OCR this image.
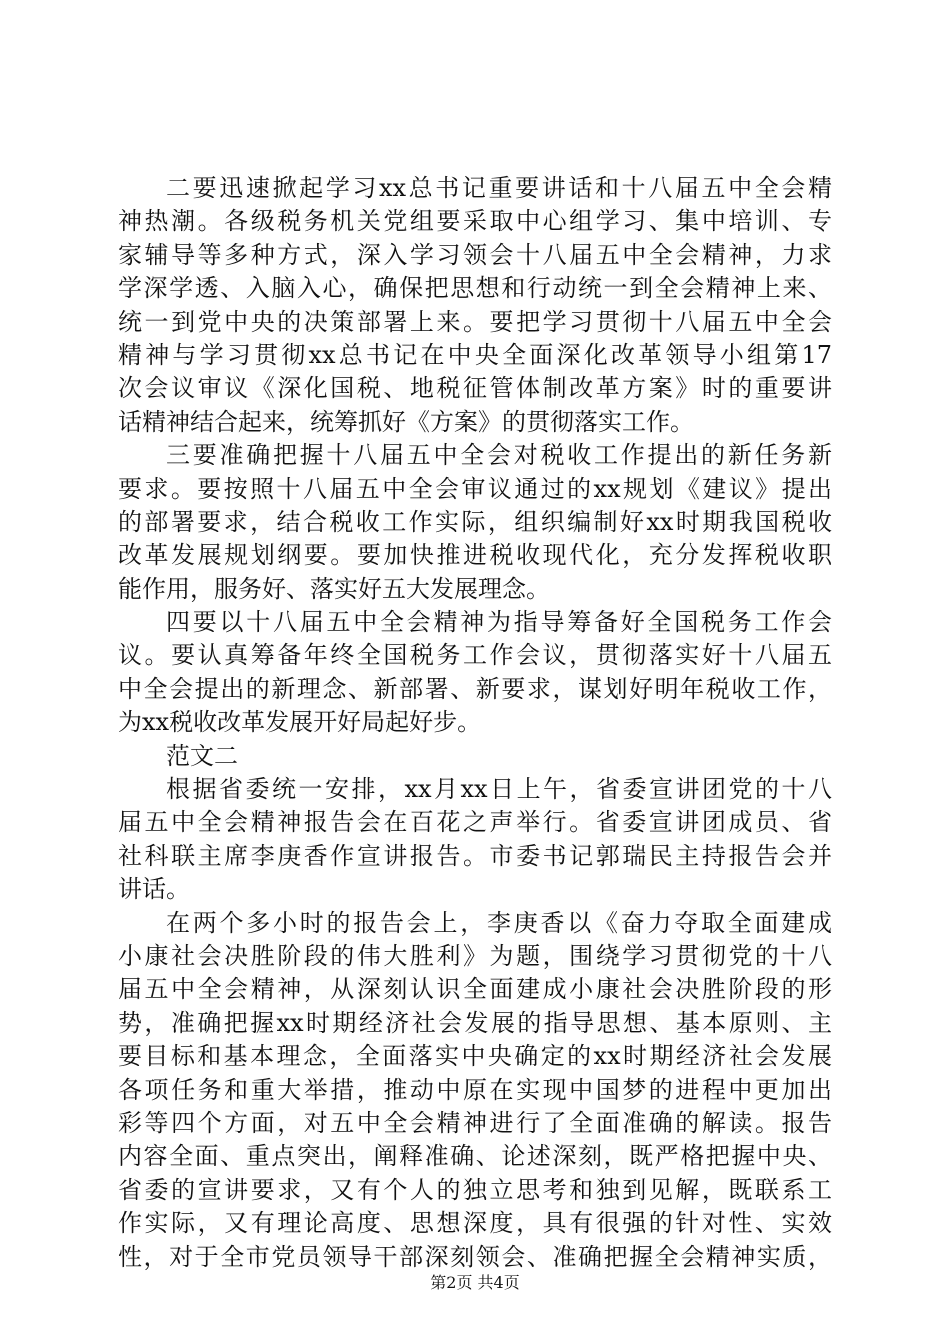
二要迅速掀起学习xx总书记重要讲话和十八届五中全会精
神热潮。各级税务机关党组要采取中心组学习、集中培训、专
家辅导等多种方式，深入学习领会十八届五中全会精神，力求
学深学透、入脑入心，确保把思想和行动统一到全会精神上来、
统一到党中央的决策部署上来。要把学习贯彻十八届五中全会
精神与学习贯彻xx总书记在中央全面深化改革领导小组第17
次会议审议《深化国税、地税征管体制改革方案》时的重要讲
话精神结合起来，统筹抓好《方案》的贯彻落实工作。
三要准确把握十八届五中全会对税收工作提出的新任务新
要求。要按照十八届五中全会审议通过的xx规划《建议》提出
的部署要求，结合税收工作实际，组织编制好xx时期我国税收
改革发展规划纲要。要加快推进税收现代化，充分发挥税收职
能作用，服务好、落实好五大发展理念。
四要以十八届五中全会精神为指导筹备好全国税务工作会
议。要认真筹备年终全国税务工作会议，贯彻落实好十八届五
中全会提出的新理念、新部署、新要求，谋划好明年税收工作，
为xx税收改革发展开好局起好步。
范文二
根据省委统一安排，xx月xx日上午，省委宣讲团党的十八
届五中全会精神报告会在百花之声举行。省委宣讲团成员、省
社科联主席李庚香作宣讲报告。市委书记郭瑞民主持报告会并
讲话。
在两个多小时的报告会上，李庚香以《奋力夺取全面建成
小康社会决胜阶段的伟大胜利》为题，围绕学习贯彻党的十八
届五中全会精神，从深刻认识全面建成小康社会决胜阶段的形
势，准确把握xx时期经济社会发展的指导思想、基本原则、主
要目标和基本理念，全面落实中央确定的xx时期经济社会发展
各项任务和重大举措，推动中原在实现中国梦的进程中更加出
彩等四个方面，对五中全会精神进行了全面准确的解读。报告
内容全面、重点突出，阐释准确、论述深刻，既严格把握中央、
省委的宣讲要求，又有个人的独立思考和独到见解，既联系工
作实际，又有理论高度、思想深度，具有很强的针对性、实效
性，对于全市党员领导干部深刻领会、准确把握全会精神实质，
第2页 共4页
